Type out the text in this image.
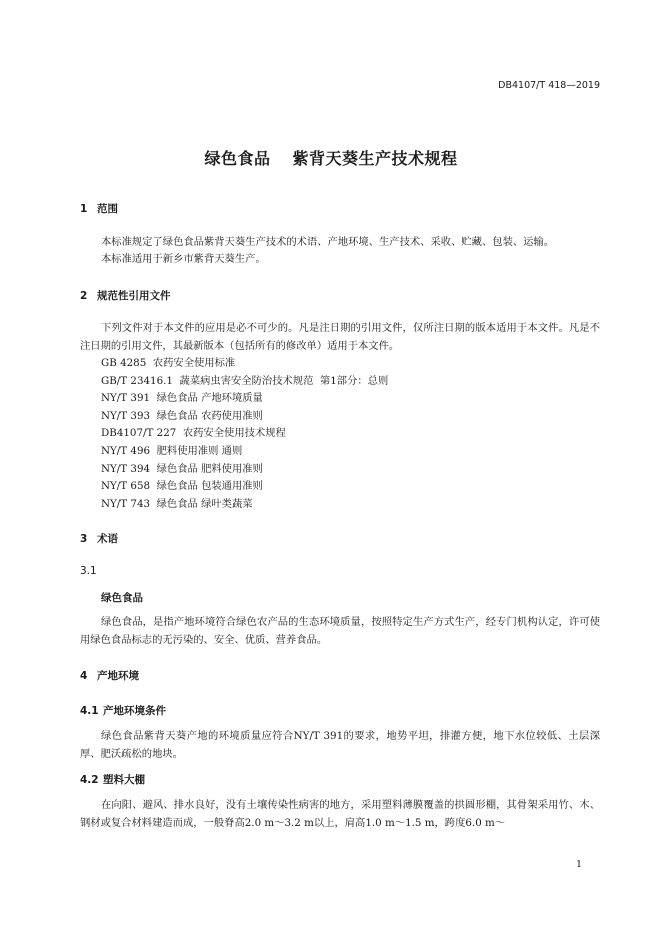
DB4107/T 418—2019
绿色食品 紫背天葵生产技术规程
1 范围
本标准规定了绿色食品紫背天葵生产技术的术语、产地环境、生产技术、采收、贮藏、包装、运输。
本标准适用于新乡市紫背天葵生产。
2 规范性引用文件
下列文件对于本文件的应用是必不可少的。凡是注日期的引用文件，仅所注日期的版本适用于本文件。凡是不注日期的引用文件，其最新版本（包括所有的修改单）适用于本文件。
GB 4285  农药安全使用标准
GB/T 23416.1  蔬菜病虫害安全防治技术规范  第1部分：总则
NY/T 391  绿色食品 产地环境质量
NY/T 393  绿色食品 农药使用准则
DB4107/T 227  农药安全使用技术规程
NY/T 496  肥料使用准则 通则
NY/T 394  绿色食品 肥料使用准则
NY/T 658  绿色食品 包装通用准则
NY/T 743  绿色食品 绿叶类蔬菜
3 术语
3.1
绿色食品
绿色食品，是指产地环境符合绿色农产品的生态环境质量，按照特定生产方式生产，经专门机构认定，许可使用绿色食品标志的无污染的、安全、优质、营养食品。
4 产地环境
4.1 产地环境条件
绿色食品紫背天葵产地的环境质量应符合NY/T 391的要求，地势平坦，排灌方便，地下水位较低、土层深厚、肥沃疏松的地块。
4.2 塑料大棚
在向阳、避风、排水良好，没有土壤传染性病害的地方，采用塑料薄膜覆盖的拱圆形棚，其骨架采用竹、木、钢材或复合材料建造而成，一般脊高2.0 m～3.2 m以上，肩高1.0 m～1.5 m，跨度6.0 m～
1
